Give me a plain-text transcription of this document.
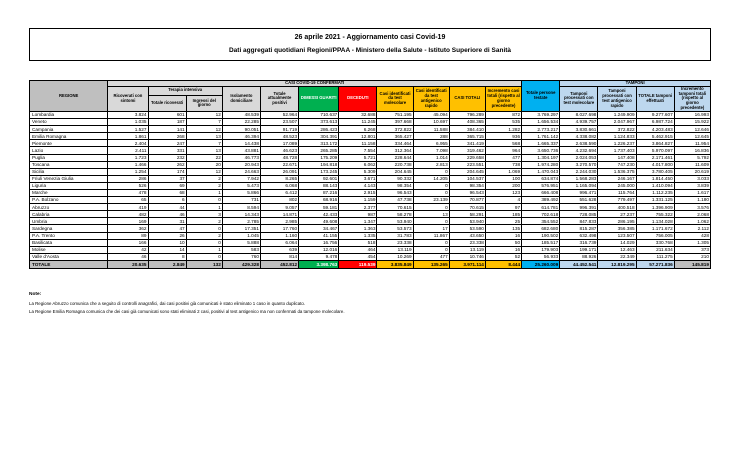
26 aprile 2021 - Aggiornamento casi Covid-19
Dati aggregati quotidiani Regioni/PPAA - Ministero della Salute - Istituto Superiore di Sanità
REGIONE	CASI COVID-19 CONFERMATI											Totale persone testate	TAMPONI			
	Ricoverati con sintomi	Terapia intensiva		Isolamento domiciliare	Totale attualmente positivi	DIMESSI GUARITI	DECEDUTI	Casi identificati da test molecolare	Casi identificati da test antigenico rapido	CASI TOTALI	Incremento casi totali (rispetto al giorno precedente)		Tamponi processati con test molecolare	Tamponi processati con test antigenico rapido	TOTALE tamponi effettuati	Incremento tamponi totali (rispetto al giorno precedente)
		Totale ricoverati	Ingressi del giorno													
Lombardia	3.824	601	12	48.539	52.964	710.637	32.688	751.195	45.094	796.289	872	3.769.297	8.027.698	1.249.909	9.277.607	16.993
Veneto	1.035	187	7	22.285	23.507	373.613	11.245	397.668	10.697	408.365	535	1.656.534	4.939.757	2.047.967	6.987.724	15.922
Campania	1.527	141	12	90.051	91.719	286.423	6.268	372.822	11.588	384.410	1.282	2.773.217	3.830.661	372.822	4.203.483	12.646
Emilia Romagna	1.861	268	13	46.394	48.523	304.391	12.801	365.427	288	365.715	936	1.761.142	4.338.082	1.124.833	5.462.915	12.645
Piemonte	2.404	247	7	14.438	17.089	313.172	11.158	334.464	6.955	341.419	568	1.665.337	2.638.590	1.226.237	3.864.827	11.954
Lazio	2.411	331	13	43.881	46.623	265.285	7.554	312.364	7.098	319.462	964	3.650.736	4.232.694	1.737.403	5.970.097	16.836
Puglia	1.723	232	22	46.773	48.728	175.209	5.721	228.644	1.014	229.658	477	1.304.197	2.024.053	147.408	2.171.461	5.792
Toscana	1.466	262	20	20.943	22.671	194.818	6.062	220.738	2.813	223.551	738	1.974.280	3.270.570	747.230	4.017.800	11.609
Sicilia	1.254	174	12	24.663	26.091	173.245	5.309	204.645	0	204.645	1.069	1.470.043	2.244.030	1.536.375	3.780.405	20.619
Friuli Venezia Giulia	286	37	2	7.942	8.265	92.601	3.671	90.332	14.205	104.537	100	634.874	1.568.283	246.167	1.814.450	3.033
Liguria	526	69	2	5.473	6.068	88.143	4.143	98.354	0	98.354	200	576.951	1.165.094	245.000	1.410.094	3.839
Marche	478	68	1	5.866	6.412	87.216	2.915	96.543	0	96.543	123	666.408	996.471	115.764	1.112.235	1.617
P.A. Bolzano	65	6	0	731	802	68.916	1.159	47.738	23.139	70.877	4	389.492	551.628	779.497	1.331.125	1.180
Abruzzo	419	44	1	8.594	9.057	59.181	2.377	70.615	0	70.615	97	614.781	996.391	400.518	1.396.909	3.576
Calabria	482	46	3	14.343	14.871	42.433	987	58.278	13	58.291	185	702.618	728.085	27.237	755.322	2.068
Umbria	169	31	2	2.785	2.985	49.608	1.347	53.940	0	53.940	25	354.552	847.833	286.195	1.134.028	1.062
Sardegna	362	47	0	17.351	17.760	34.467	1.363	53.573	17	53.590	135	682.680	815.287	356.385	1.171.672	2.112
P.A. Trento	89	26	2	1.045	1.160	41.155	1.335	31.783	11.867	43.650	16	190.502	632.498	123.507	756.005	428
Basilicata	166	10	0	5.888	6.064	16.756	518	23.338	0	23.338	50	185.517	316.739	14.029	330.768	1.305
Molise	42	14	1	583	639	12.016	464	13.119	0	13.119	16	179.903	199.171	12.463	211.634	373
Valle d'Aosta	46	8	0	760	814	9.478	454	10.269	477	10.746	52	56.933	88.926	22.349	111.275	210
TOTALE	20.635	2.849	132	429.328	452.812	3.398.763	119.539	3.835.849	135.265	3.971.114	8.444	25.260.009	44.452.541	12.819.295	57.271.836	145.819
Note:
La Regione Abruzzo comunica che a seguito di controlli anagrafici, dai casi positivi già comunicati è stato eliminato 1 caso in quanto duplicato.
La Regione Emilia Romagna comunica che dei casi già comunicati sono stati eliminati 2 casi, positivi al test antigenico ma non confermati da tampone molecolare.
